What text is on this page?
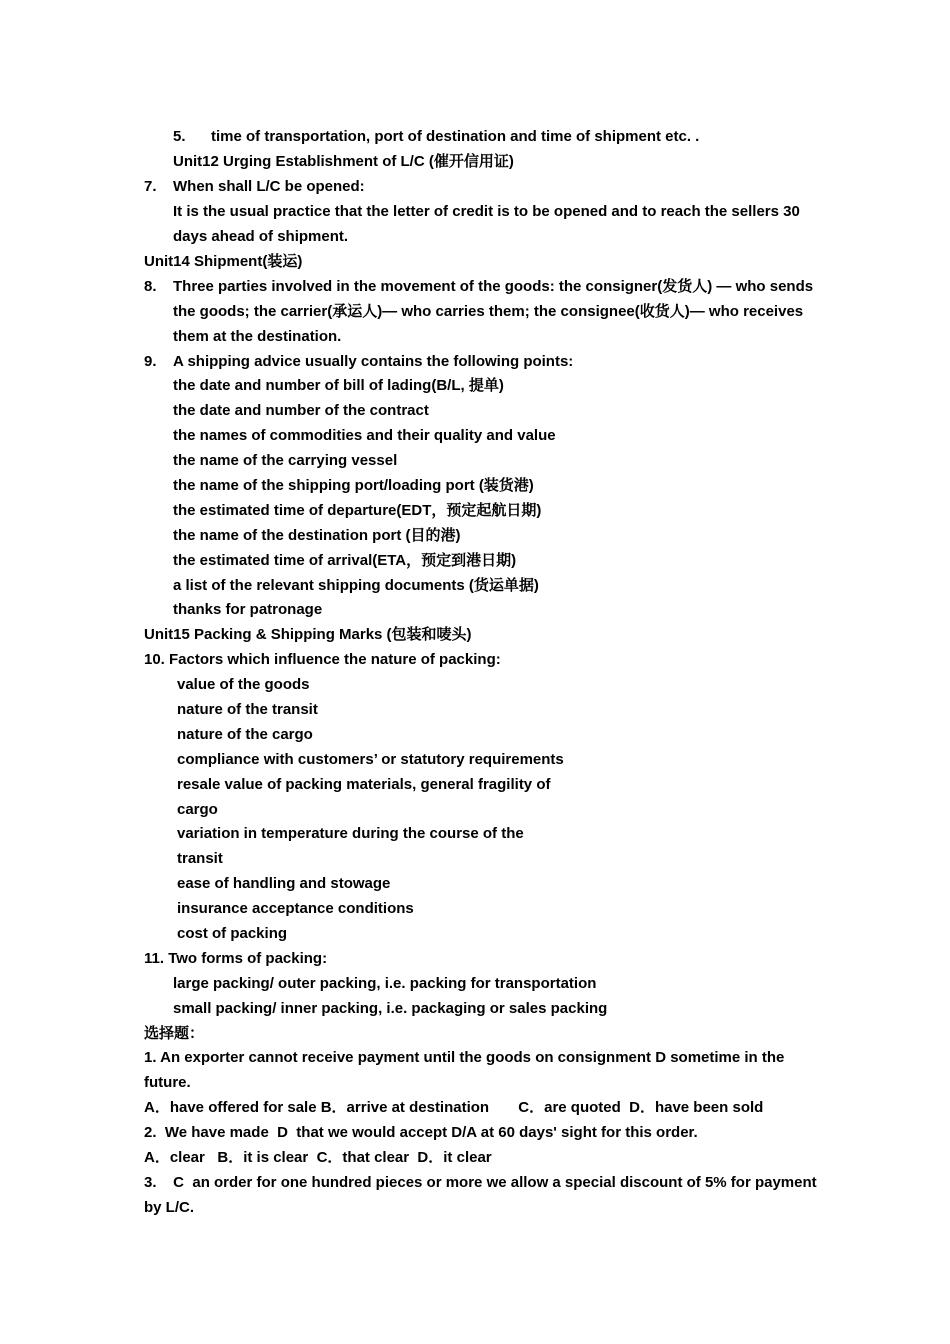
5. time of transportation, port of destination and time of shipment etc. .
Unit12 Urging Establishment of L/C (催开信用证)
7. When shall L/C be opened:
It is the usual practice that the letter of credit is to be opened and to reach the sellers 30
days ahead of shipment.
Unit14 Shipment(装运)
8. Three parties involved in the movement of the goods: the consigner(发货人) — who sends
the goods; the carrier(承运人)— who carries them; the consignee(收货人)— who receives
them at the destination.
9. A shipping advice usually contains the following points:
the date and number of bill of lading(B/L, 提单)
the date and number of the contract
the names of commodities and their quality and value
the name of the carrying vessel
the name of the shipping port/loading port (装货港)
the estimated time of departure(EDT，预定起航日期)
the name of the destination port (目的港)
the estimated time of arrival(ETA，预定到港日期)
a list of the relevant shipping documents (货运单据)
thanks for patronage
Unit15 Packing & Shipping Marks (包装和唛头)
10. Factors which influence the nature of packing:
value of the goods
nature of the transit
nature of the cargo
compliance with customers’ or statutory requirements
resale value of packing materials, general fragility of
cargo
variation in temperature during the course of the
transit
ease of handling and stowage
insurance acceptance conditions
cost of packing
11. Two forms of packing:
large packing/ outer packing, i.e. packing for transportation
small packing/ inner packing, i.e. packaging or sales packing
选择题：
1. An exporter cannot receive payment until the goods on consignment D sometime in the
future.
A．have offered for sale B．arrive at destination       C．are quoted  D．have been sold
2.  We have made  D  that we would accept D/A at 60 days' sight for this order.
A．clear   B．it is clear  C．that clear  D．it clear
3.    C  an order for one hundred pieces or more we allow a special discount of 5% for payment
by L/C.
